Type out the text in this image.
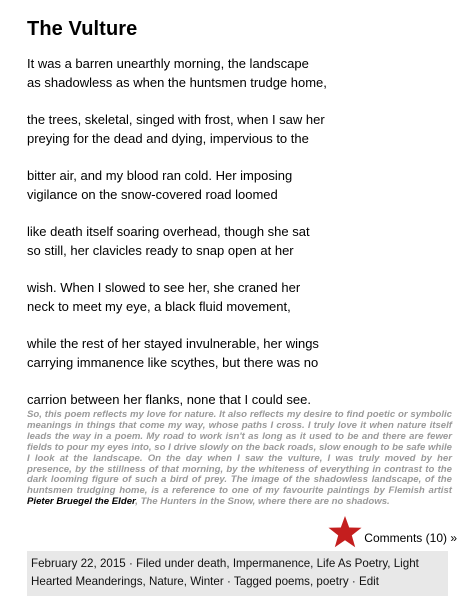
The Vulture

It was a barren unearthly morning, the landscape
as shadowless as when the huntsmen trudge home,

the trees, skeletal, singed with frost, when I saw her
preying for the dead and dying, impervious to the

bitter air, and my blood ran cold. Her imposing
vigilance on the snow-covered road loomed

like death itself soaring overhead, though she sat
so still, her clavicles ready to snap open at her

wish. When I slowed to see her, she craned her
neck to meet my eye, a black fluid movement,

while the rest of her stayed invulnerable, her wings
carrying immanence like scythes, but there was no

carrion between her flanks, none that I could see.

So, this poem reflects my love for nature. It also reflects my desire to find poetic or symbolic meanings in things that come my way, whose paths I cross. I truly love it when nature itself leads the way in a poem. My road to work isn't as long as it used to be and there are fewer fields to pour my eyes into, so I drive slowly on the back roads, slow enough to be safe while I look at the landscape. On the day when I saw the vulture, I was truly moved by her presence, by the stillness of that morning, by the whiteness of everything in contrast to the dark looming figure of such a bird of prey. The image of the shadowless landscape, of the huntsmen trudging home, is a reference to one of my favourite paintings by Flemish artist Pieter Bruegel the Elder, The Hunters in the Snow, where there are no shadows.

Comments (10) »
February 22, 2015 · Filed under death, Impermanence, Life As Poetry, Light Hearted Meanderings, Nature, Winter · Tagged poems, poetry · Edit
